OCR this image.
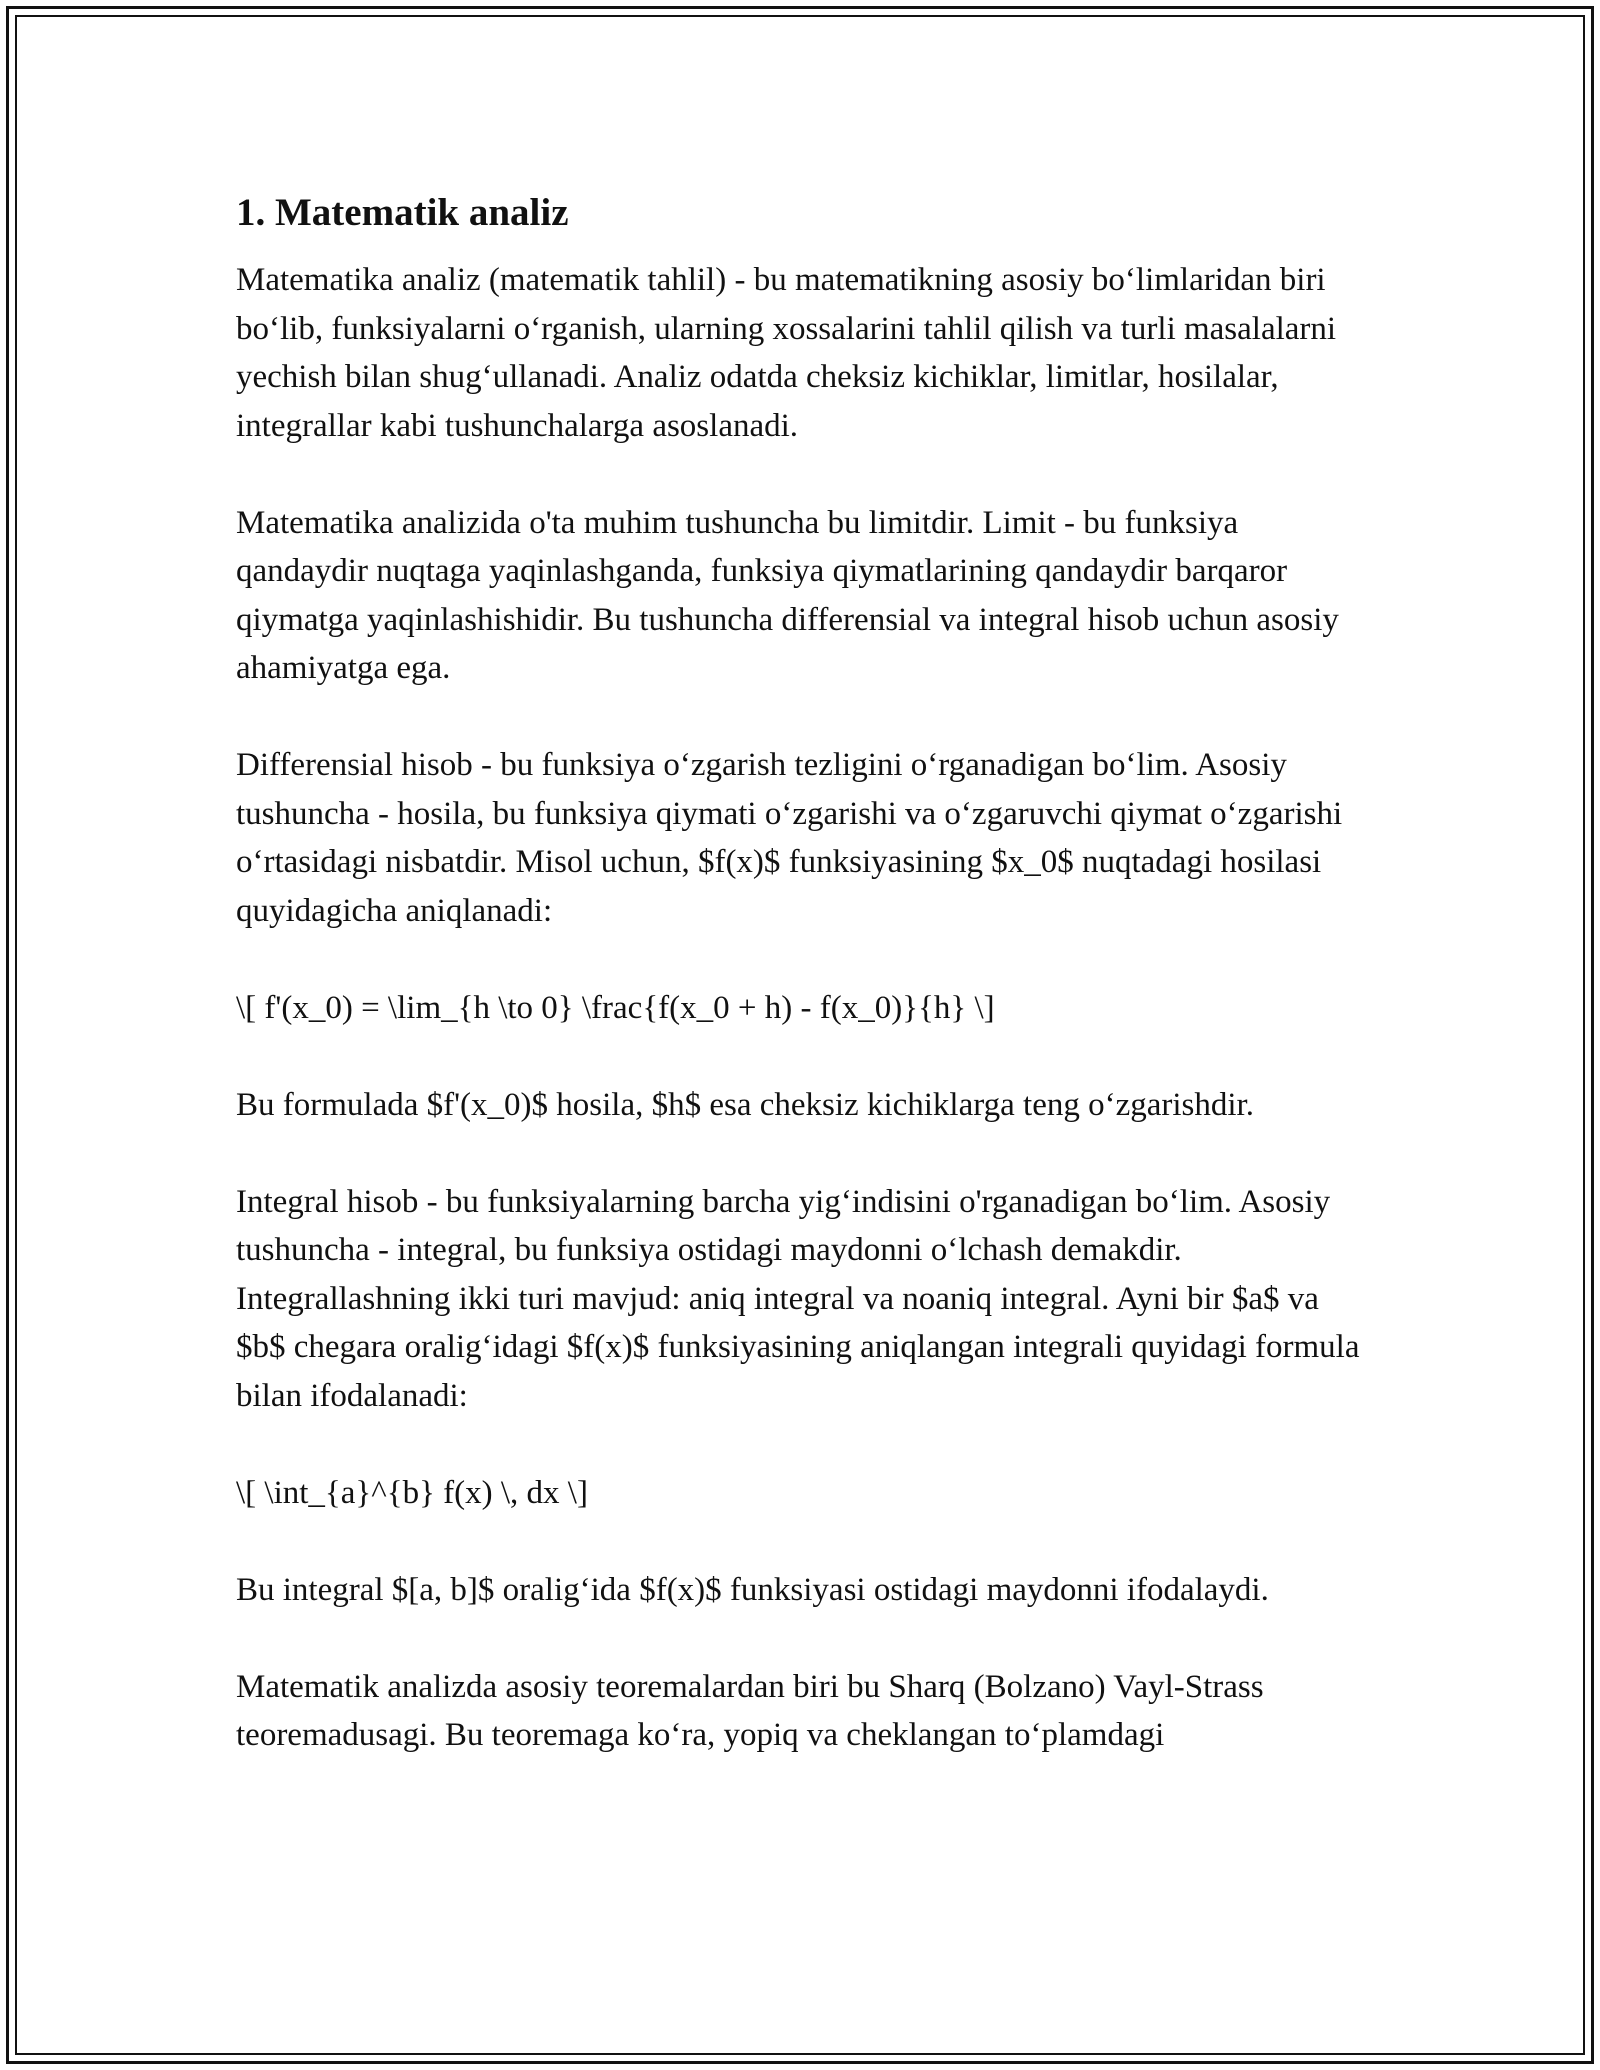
1. Matematik analiz

Matematika analiz (matematik tahlil) - bu matematikning asosiy bo‘limlaridan biri bo‘lib, funksiyalarni o‘rganish, ularning xossalarini tahlil qilish va turli masalalarni yechish bilan shug‘ullanadi. Analiz odatda cheksiz kichiklar, limitlar, hosilalar, integrallar kabi tushunchalarga asoslanadi.

Matematika analizida o'ta muhim tushuncha bu limitdir. Limit - bu funksiya qandaydir nuqtaga yaqinlashganda, funksiya qiymatlarining qandaydir barqaror qiymatga yaqinlashishidir. Bu tushuncha differensial va integral hisob uchun asosiy ahamiyatga ega.

Differensial hisob - bu funksiya o‘zgarish tezligini o‘rganadigan bo‘lim. Asosiy tushuncha - hosila, bu funksiya qiymati o‘zgarishi va o‘zgaruvchi qiymat o‘zgarishi o‘rtasidagi nisbatdir. Misol uchun, $f(x)$ funksiyasining $x_0$ nuqtadagi hosilasi quyidagicha aniqlanadi:

\[ f'(x_0) = \lim_{h \to 0} \frac{f(x_0 + h) - f(x_0)}{h} \]

Bu formulada $f'(x_0)$ hosila, $h$ esa cheksiz kichiklarga teng o‘zgarishdir.

Integral hisob - bu funksiyalarning barcha yig‘indisini o'rganadigan bo‘lim. Asosiy tushuncha - integral, bu funksiya ostidagi maydonni o‘lchash demakdir. Integrallashning ikki turi mavjud: aniq integral va noaniq integral. Ayni bir $a$ va $b$ chegara oralig‘idagi $f(x)$ funksiyasining aniqlangan integrali quyidagi formula bilan ifodalanadi:

\[ \int_{a}^{b} f(x) \, dx \]

Bu integral $[a, b]$ oralig‘ida $f(x)$ funksiyasi ostidagi maydonni ifodalaydi.

Matematik analizda asosiy teoremalardan biri bu Sharq (Bolzano) Vayl-Strass teoremadusagi. Bu teoremaga ko‘ra, yopiq va cheklangan to‘plamdagi
